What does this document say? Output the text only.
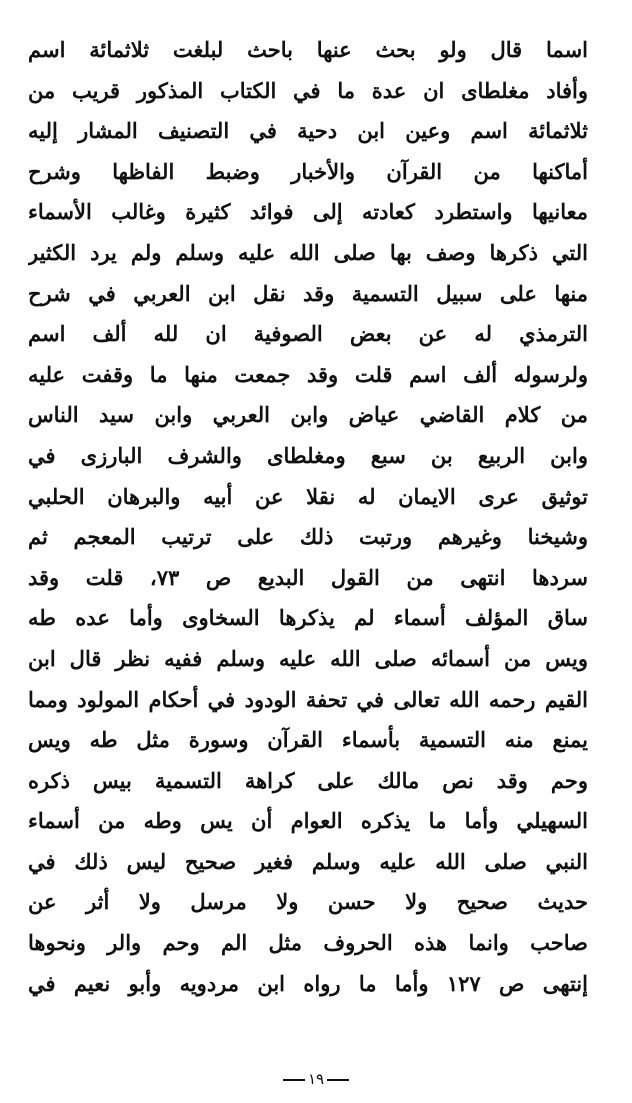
اسما قال ولو بحث عنها باحث لبلغت ثلاثمائة اسم
وأفاد مغلطاى ان عدة ما في الكتاب المذكور قريب من
ثلاثمائة اسم وعين ابن دحية في التصنيف المشار إليه
أماكنها من القرآن والأخبار وضبط الفاظها وشرح
معانيها واستطرد كعادته إلى فوائد كثيرة وغالب الأسماء
التي ذكرها وصف بها صلى الله عليه وسلم ولم يرد الكثير
منها على سبيل التسمية وقد نقل ابن العربي في شرح
الترمذي له عن بعض الصوفية ان لله ألف اسم
ولرسوله ألف اسم قلت وقد جمعت منها ما وقفت عليه
من كلام القاضي عياض وابن العربي وابن سيد الناس
وابن الربيع بن سبع ومغلطاى والشرف البارزى في
توثيق عرى الايمان له نقلا عن أبيه والبرهان الحلبي
وشيخنا وغيرهم ورتبت ذلك على ترتيب المعجم ثم
سردها انتهى من القول البديع ص ٧٣، قلت وقد
ساق المؤلف أسماء لم يذكرها السخاوى وأما عده طه
ويس من أسمائه صلى الله عليه وسلم ففيه نظر قال ابن
القيم رحمه الله تعالى في تحفة الودود في أحكام المولود ومما
يمنع منه التسمية بأسماء القرآن وسورة مثل طه ويس
وحم وقد نص مالك على كراهة التسمية بيس ذكره
السهيلي وأما ما يذكره العوام أن يس وطه من أسماء
النبي صلى الله عليه وسلم فغير صحيح ليس ذلك في
حديث صحيح ولا حسن ولا مرسل ولا أثر عن
صاحب وانما هذه الحروف مثل الم وحم والر ونحوها
إنتهى ص ١٢٧ وأما ما رواه ابن مردويه وأبو نعيم في
١٩
